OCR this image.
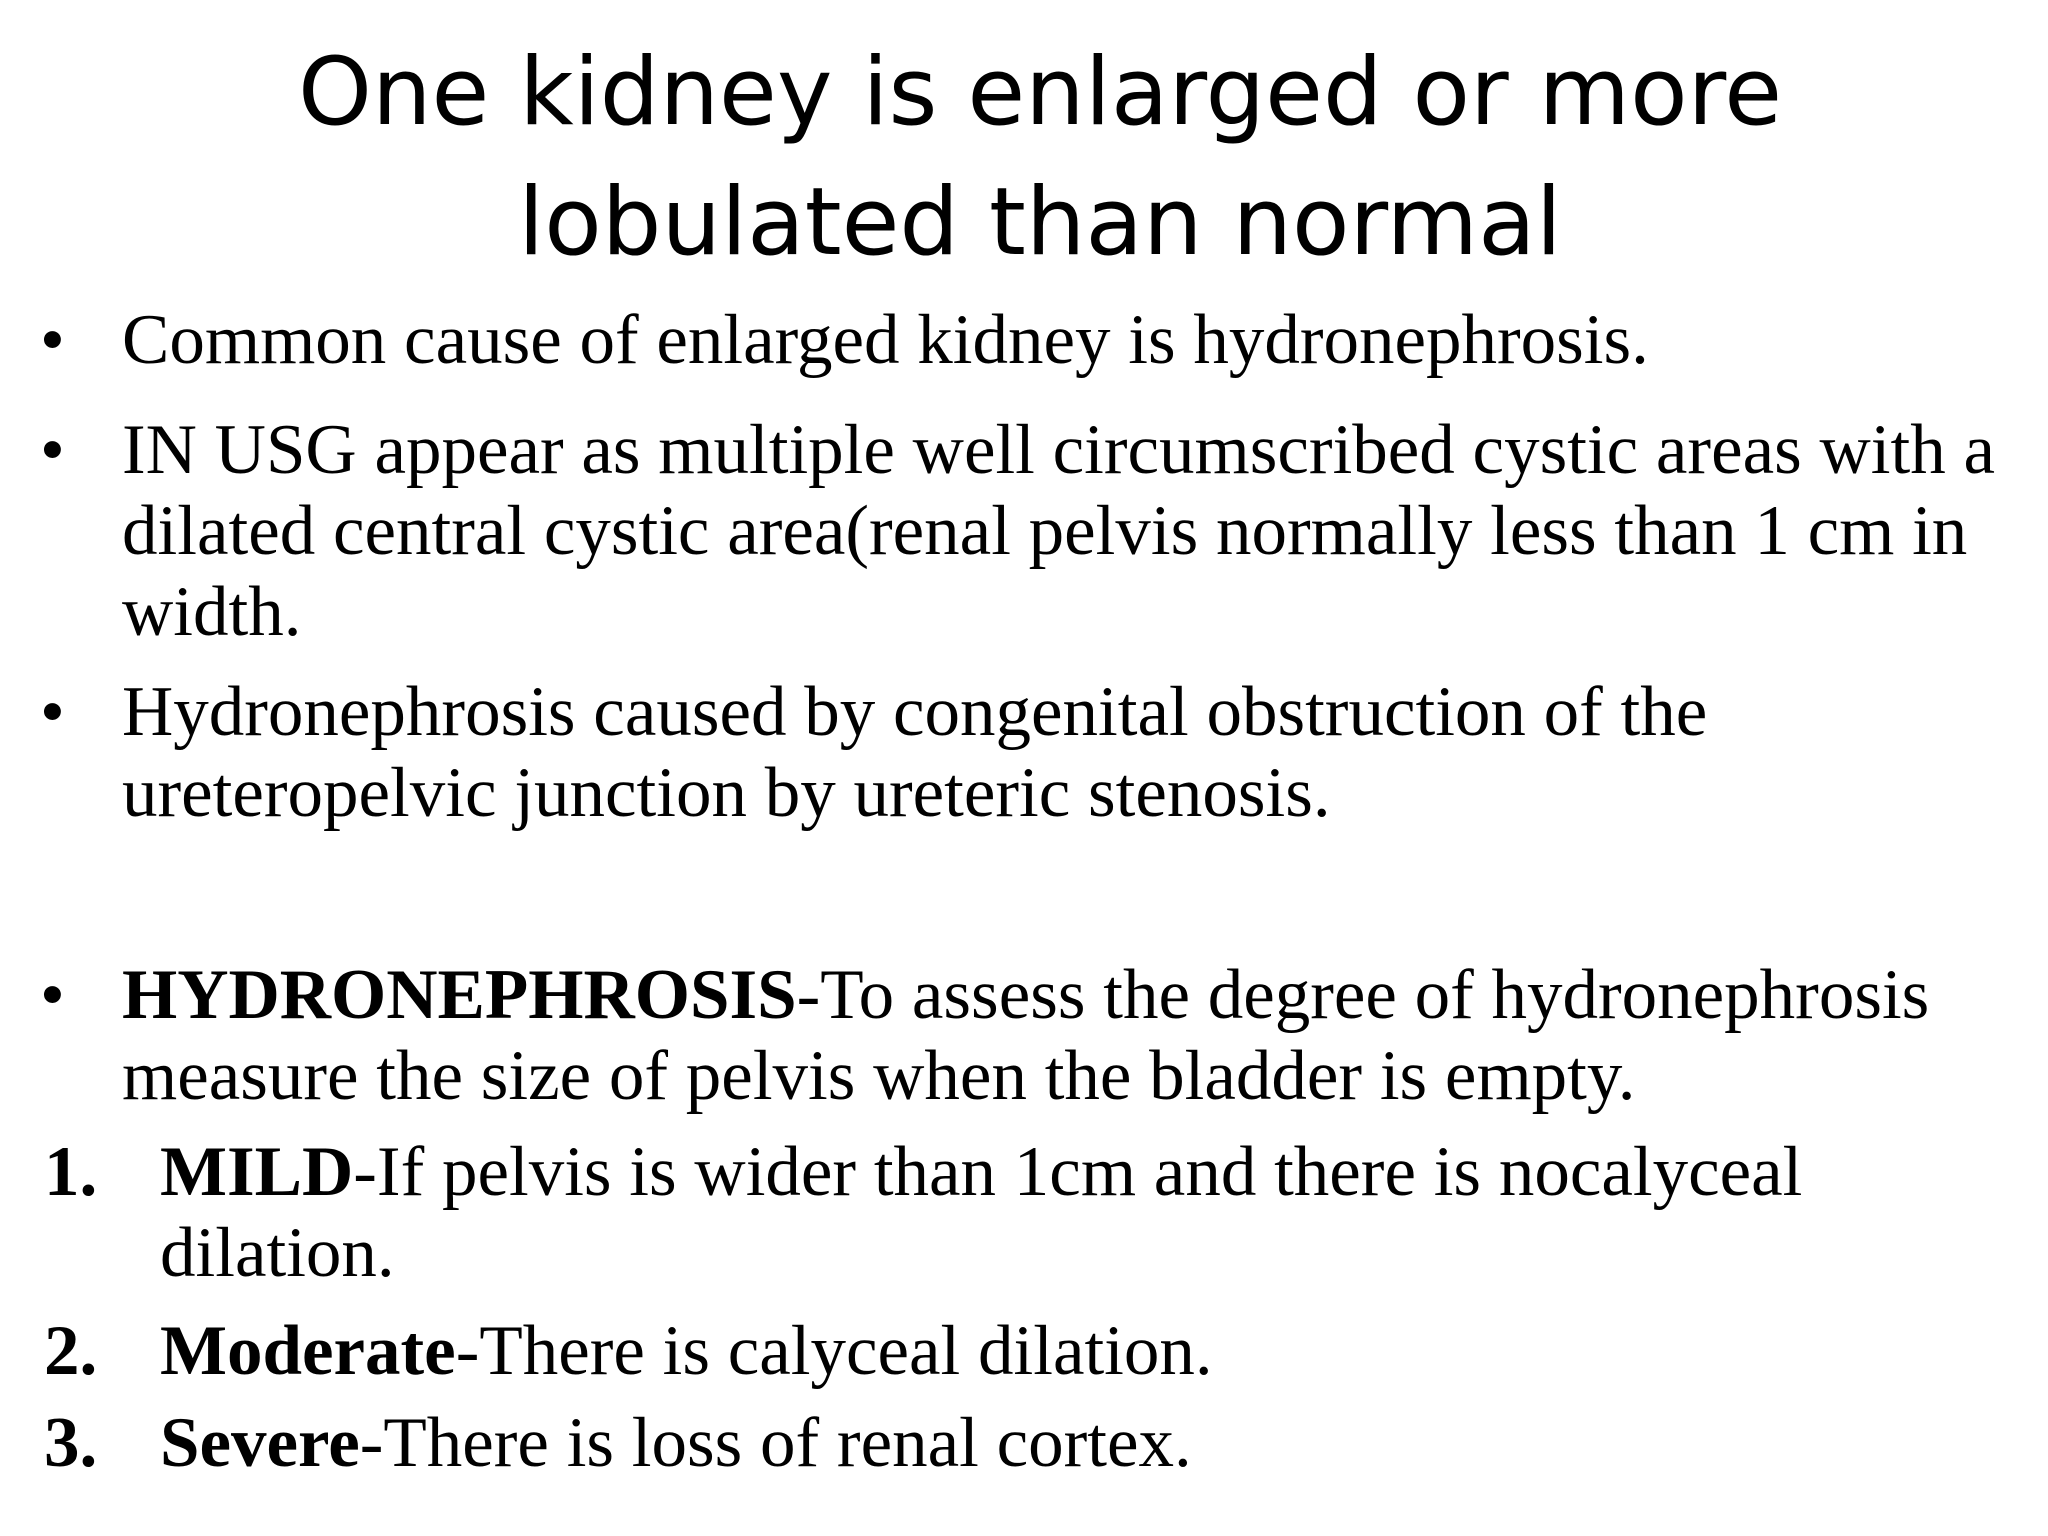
One kidney is enlarged or more
lobulated than normal
• Common cause of enlarged kidney is hydronephrosis.
• IN USG appear as multiple well circumscribed cystic areas with a dilated central cystic area(renal pelvis normally less than 1 cm in width.
• Hydronephrosis caused by congenital obstruction of the ureteropelvic junction by ureteric stenosis.
• HYDRONEPHROSIS-To assess the degree of hydronephrosis measure the size of pelvis when the bladder is empty.
1. MILD-If pelvis is wider than 1cm and there is nocalyceal dilation.
2. Moderate-There is calyceal dilation.
3. Severe-There is loss of renal cortex.
